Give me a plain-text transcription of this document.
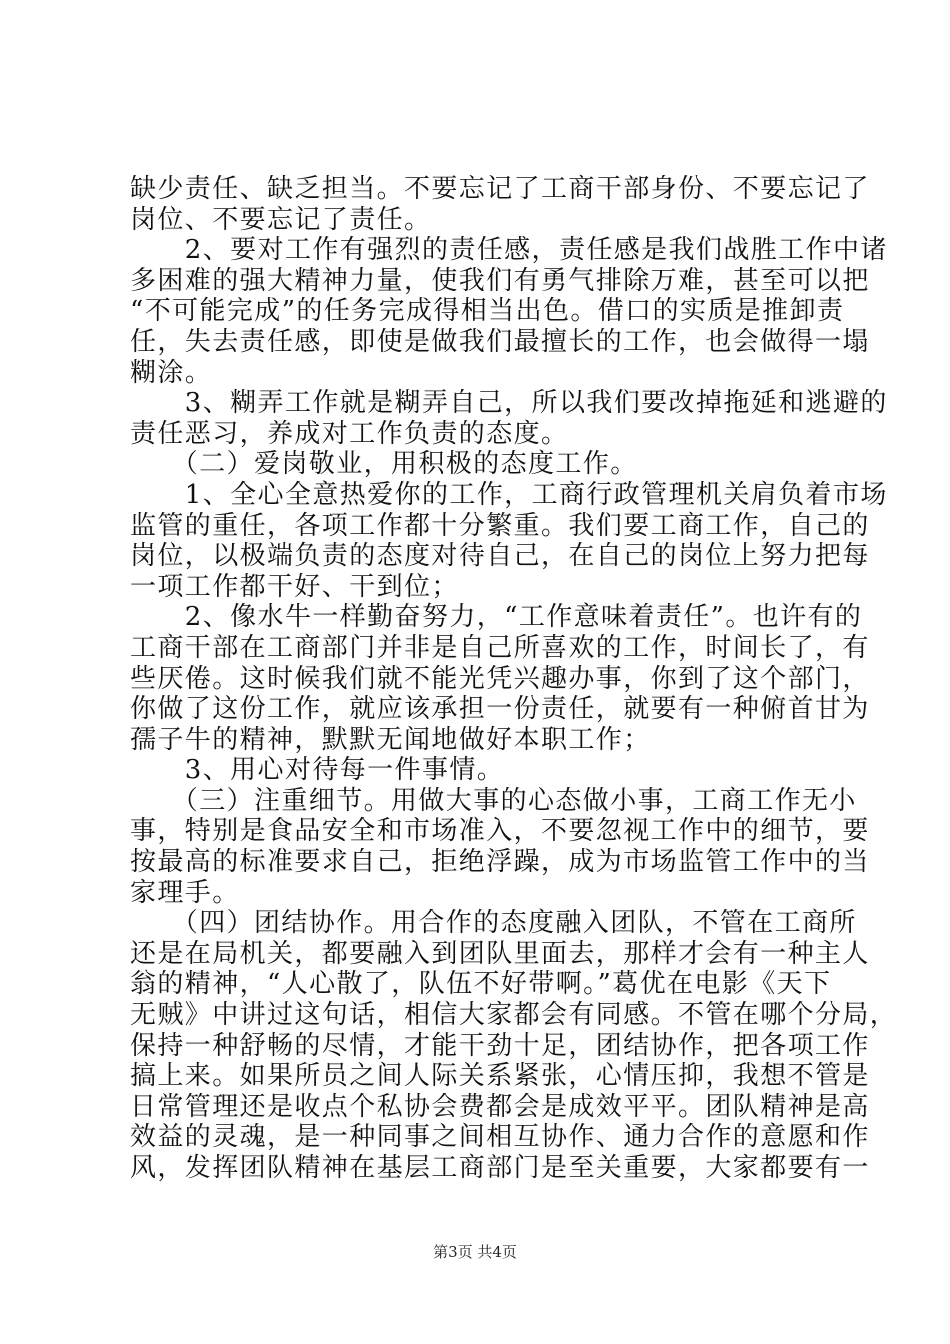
缺少责任、缺乏担当。不要忘记了工商干部身份、不要忘记了
岗位、不要忘记了责任。
　　2、要对工作有强烈的责任感，责任感是我们战胜工作中诸
多困难的强大精神力量，使我们有勇气排除万难，甚至可以把
“不可能完成”的任务完成得相当出色。借口的实质是推卸责
任，失去责任感，即使是做我们最擅长的工作，也会做得一塌
糊涂。
　　3、糊弄工作就是糊弄自己，所以我们要改掉拖延和逃避的
责任恶习，养成对工作负责的态度。
　　（二）爱岗敬业，用积极的态度工作。
　　1、全心全意热爱你的工作，工商行政管理机关肩负着市场
监管的重任，各项工作都十分繁重。我们要工商工作，自己的
岗位，以极端负责的态度对待自己，在自己的岗位上努力把每
一项工作都干好、干到位；
　　2、像水牛一样勤奋努力，“工作意味着责任”。也许有的
工商干部在工商部门并非是自己所喜欢的工作，时间长了，有
些厌倦。这时候我们就不能光凭兴趣办事，你到了这个部门，
你做了这份工作，就应该承担一份责任，就要有一种俯首甘为
孺子牛的精神，默默无闻地做好本职工作；
　　3、用心对待每一件事情。
　　（三）注重细节。用做大事的心态做小事，工商工作无小
事，特别是食品安全和市场准入，不要忽视工作中的细节，要
按最高的标准要求自己，拒绝浮躁，成为市场监管工作中的当
家理手。
　　（四）团结协作。用合作的态度融入团队，不管在工商所
还是在局机关，都要融入到团队里面去，那样才会有一种主人
翁的精神，“人心散了，队伍不好带啊。”葛优在电影《天下
无贼》中讲过这句话，相信大家都会有同感。不管在哪个分局，
保持一种舒畅的尽情，才能干劲十足，团结协作，把各项工作
搞上来。如果所员之间人际关系紧张，心情压抑，我想不管是
日常管理还是收点个私协会费都会是成效平平。团队精神是高
效益的灵魂，是一种同事之间相互协作、通力合作的意愿和作
风，发挥团队精神在基层工商部门是至关重要，大家都要有一
第3页 共4页
